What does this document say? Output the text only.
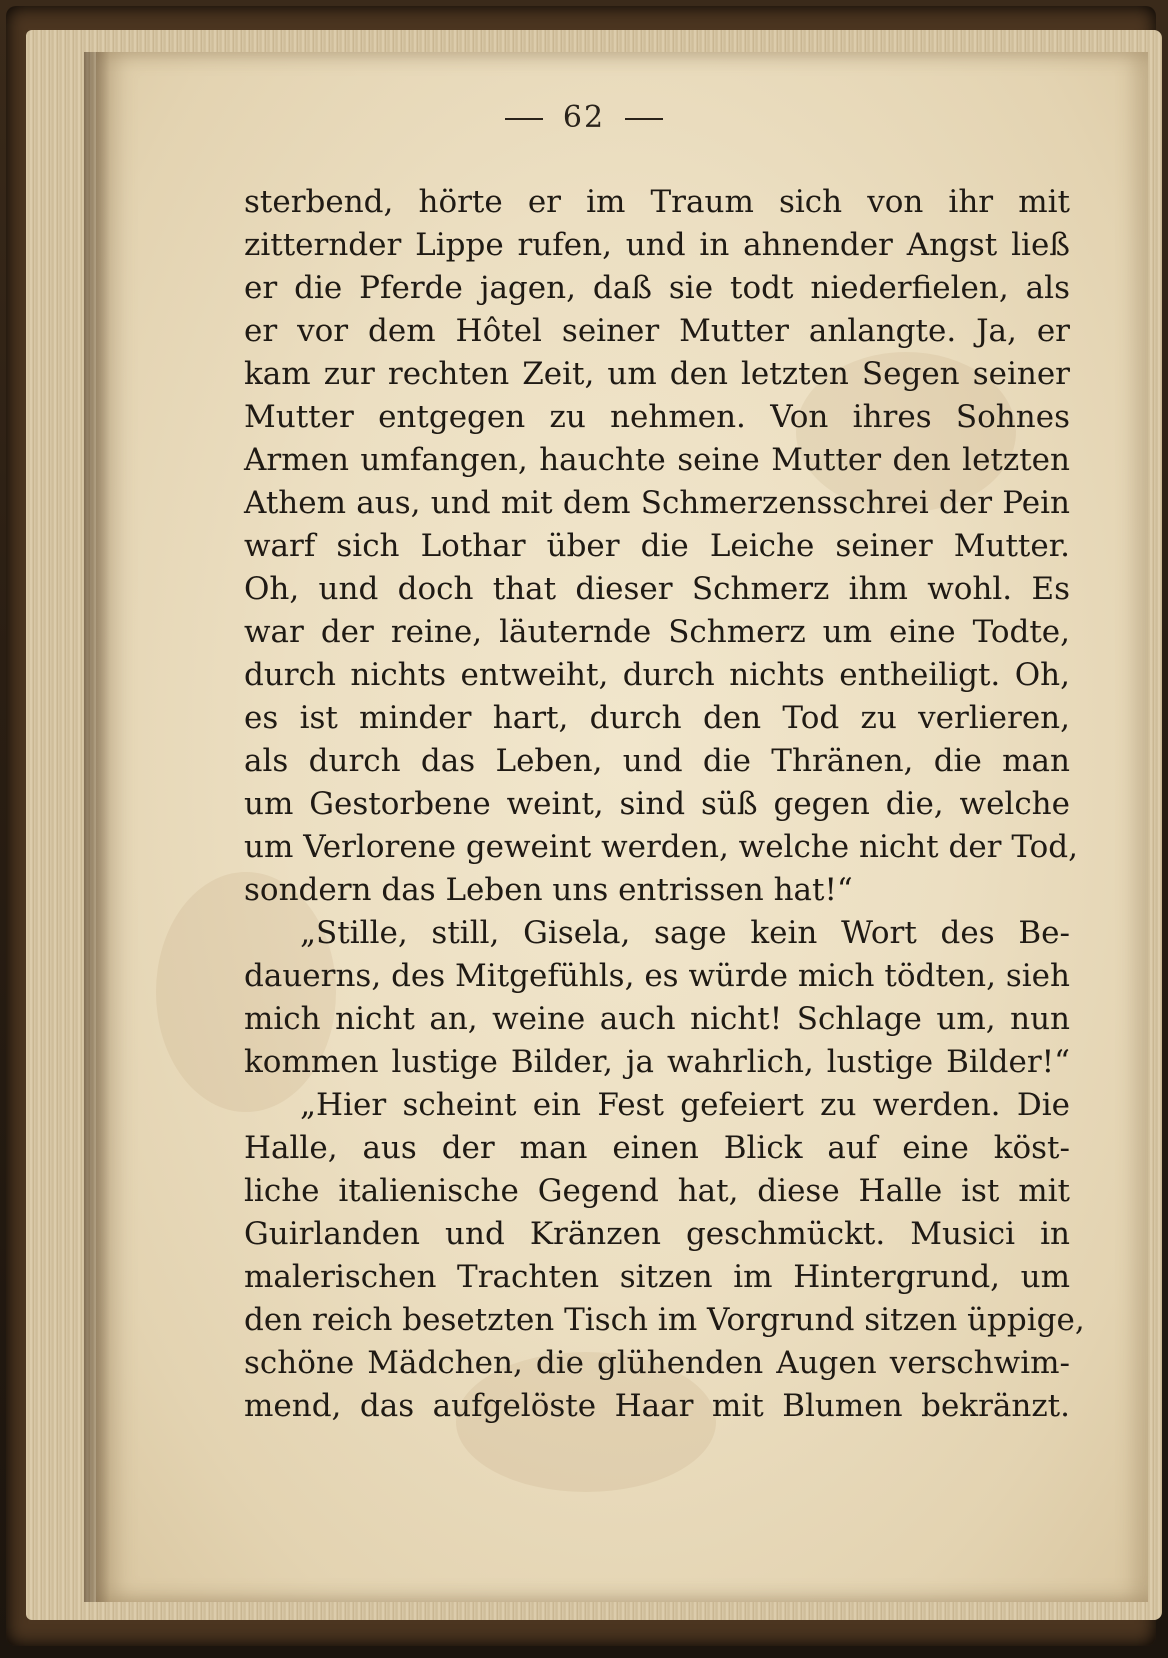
62
sterbend, hörte er im Traum sich von ihr mit
zitternder Lippe rufen, und in ahnender Angst ließ
er die Pferde jagen, daß sie todt niederfielen, als
er vor dem Hôtel seiner Mutter anlangte. Ja, er
kam zur rechten Zeit, um den letzten Segen seiner
Mutter entgegen zu nehmen. Von ihres Sohnes
Armen umfangen, hauchte seine Mutter den letzten
Athem aus, und mit dem Schmerzensschrei der Pein
warf sich Lothar über die Leiche seiner Mutter.
Oh, und doch that dieser Schmerz ihm wohl. Es
war der reine, läuternde Schmerz um eine Todte,
durch nichts entweiht, durch nichts entheiligt. Oh,
es ist minder hart, durch den Tod zu verlieren,
als durch das Leben, und die Thränen, die man
um Gestorbene weint, sind süß gegen die, welche
um Verlorene geweint werden, welche nicht der Tod,
sondern das Leben uns entrissen hat!“
„Stille, still, Gisela, sage kein Wort des Be-
dauerns, des Mitgefühls, es würde mich tödten, sieh
mich nicht an, weine auch nicht! Schlage um, nun
kommen lustige Bilder, ja wahrlich, lustige Bilder!“
„Hier scheint ein Fest gefeiert zu werden. Die
Halle, aus der man einen Blick auf eine köst-
liche italienische Gegend hat, diese Halle ist mit
Guirlanden und Kränzen geschmückt. Musici in
malerischen Trachten sitzen im Hintergrund, um
den reich besetzten Tisch im Vorgrund sitzen üppige,
schöne Mädchen, die glühenden Augen verschwim-
mend, das aufgelöste Haar mit Blumen bekränzt.
